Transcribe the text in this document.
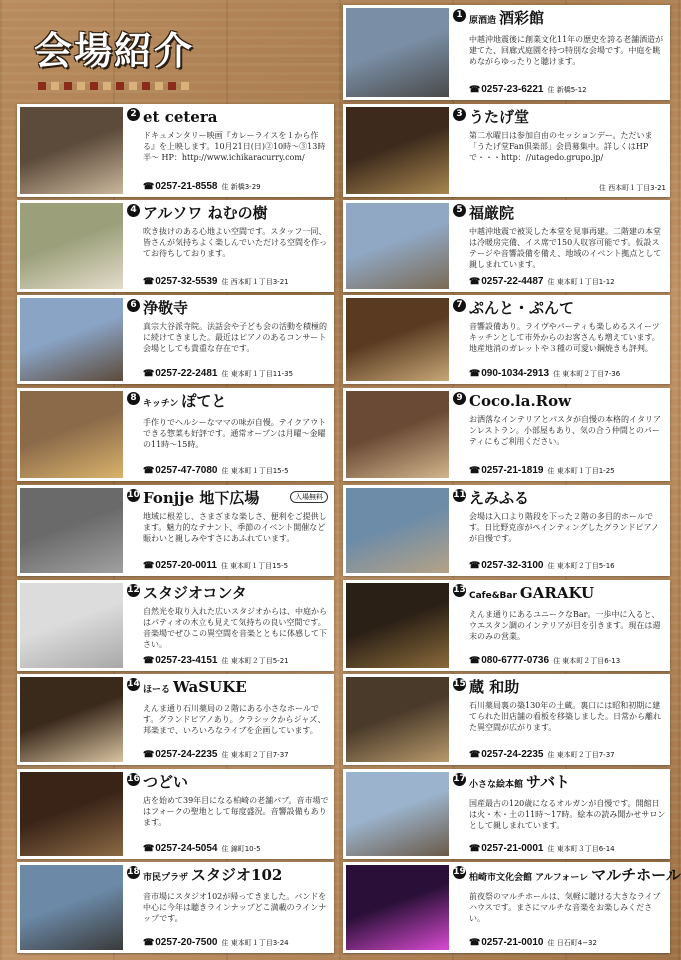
会場紹介
1
原酒造 酒彩館
中越沖地震後に創業文化11年の歴史を誇る老舗酒造が建てた、回廊式庭園を持つ特別な会場です。中庭を眺めながらゆったりと聴けます。
☎ 0257-23-6221 住 新橋5-12
2 et cetera
ドキュメンタリー映画『カレーライスを１から作る』を上映します。10月21日(日)②10時〜③13時半〜 HP：http://www.ichikaracurry.com/
☎ 0257-21-8558 住 新橋3-29
3 うたげ堂
第二水曜日は参加自由のセッションデー。ただいま「うたげ堂Fan倶楽部」会員募集中。詳しくはHPで・・・http：//utagedo.grupo.jp/
住 西本町１丁目3-21
4 アルソワ ねむの樹
吹き抜けのある心地よい空間です。スタッフ一同、皆さんが気持ちよく楽しんでいただける空間を作ってお待ちしております。
☎ 0257-32-5539 住 西本町１丁目3-21
5 福厳院
中越沖地震で被災した本堂を見事再建。二階建の本堂は冷暖房完備、イス席で150人収容可能です。仮設ステージや音響設備を備え、地域のイベント拠点として親しまれています。
☎ 0257-22-4487 住 東本町１丁目1-12
6 浄敬寺
真宗大谷派寺院。法話会や子ども会の活動を積極的に続けてきました。最近はピアノのあるコンサート会場としても貴重な存在です。
☎ 0257-22-2481 住 東本町１丁目11-35
7 ぷんと・ぷんて
音響設備あり。ライヴやパーティも楽しめるスイーツキッチンとして市外からのお客さんも増えています。地産地消のガレットや３種の可愛い鋼焼きも評判。
☎ 090-1034-2913 住 東本町２丁目7-36
8
キッチン ぽてと
手作りでヘルシーなママの味が自慢。テイクアウトできる惣菜も好評です。通常オープンは月曜〜金曜の11時〜15時。
☎ 0257-47-7080 住 東本町１丁目15-5
9 Coco.la.Row
お洒落なインテリアとパスタが自慢の本格的イタリアンレストラン。小部屋もあり、気の合う仲間とのパーティにもご利用ください。
☎ 0257-21-1819 住 東本町１丁目1-25
10 Fonjje 地下広場
地域に根差し、さまざまな楽しさ、便利をご提供します。魅力的なテナント、季節のイベント開催など賑わいと親しみやすさにあふれています。
入場無料
☎ 0257-20-0011 住 東本町１丁目15-5
11 えみふる
会場は入口より階段を下った２階の多目的ホールです。日比野克彦がペインティングしたグランドピアノが自慢です。
☎ 0257-32-3100 住 東本町２丁目5-16
12 スタジオコンタ
自然光を取り入れた広いスタジオからは、中庭からはパティオの木立も見えて気持ちの良い空間です。音楽場でぜひこの異空間を音楽とともに体感して下さい。
☎ 0257-23-4151 住 東本町２丁目5-21
13
Cafe&Bar GARAKU
えんま通りにあるユニークなBar。一歩中に入ると、ウエスタン調のインテリアが目を引きます。現在は週末のみの営業。
☎ 080-6777-0736 住 東本町２丁目6-13
14
ほーる WaSUKE
えんま通り石川薬局の２階にある小さなホールです。グランドピアノあり。クラシックからジャズ、邦楽まで、いろいろなライブを企画しています。
☎ 0257-24-2235 住 東本町２丁目7-37
15 蔵 和助
石川薬局裏の築130年の土蔵。裏口には昭和初期に建てられた旧店舗の看板を移築しました。日常から離れた異空間が広がります。
☎ 0257-24-2235 住 東本町２丁目7-37
16 つどい
店を始めて39年目になる柏崎の老舗パブ。音市場ではフォークの聖地として毎度盛況。音響設備もあります。
☎ 0257-24-5054 住 錦町10-5
17
小さな絵本館 サバト
国産最古の120歳になるオルガンが自慢です。開館日は火・木・土の11時〜17時。絵本の読み聞かせサロンとして親しまれています。
☎ 0257-21-0001 住 東本町３丁目6-14
18
市民プラザ スタジオ102
音市場にスタジオ102が帰ってきました。バンドを中心に今年は聴きラインナップどこ満載のラインナップです。
☎ 0257-20-7500 住 東本町１丁目3-24
19
柏崎市文化会館 アルフォーレ マルチホール
前夜祭のマルチホールは、気軽に聴ける大きなライブハウスです。まさにマルチな音楽をお楽しみください。
☎ 0257-21-0010 住 日石町4−32
